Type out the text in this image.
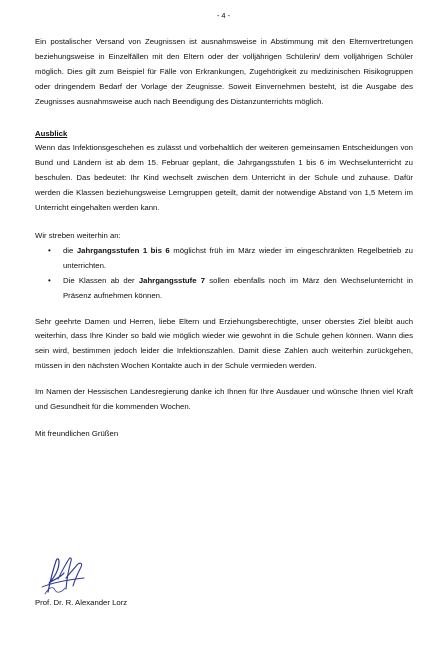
- 4 -

Ein postalischer Versand von Zeugnissen ist ausnahmsweise in Abstimmung mit den Elternvertretungen beziehungsweise in Einzelfällen mit den Eltern oder der volljährigen Schülerin/ dem volljährigen Schüler möglich. Dies gilt zum Beispiel für Fälle von Erkrankungen, Zugehörigkeit zu medizinischen Risikogruppen oder dringendem Bedarf der Vorlage der Zeugnisse. Soweit Einvernehmen besteht, ist die Ausgabe des Zeugnisses ausnahmsweise auch nach Beendigung des Distanzunterrichts möglich.

Ausblick

Wenn das Infektionsgeschehen es zulässt und vorbehaltlich der weiteren gemeinsamen Entscheidungen von Bund und Ländern ist ab dem 15. Februar geplant, die Jahrgangsstufen 1 bis 6 im Wechselunterricht zu beschulen. Das bedeutet: Ihr Kind wechselt zwischen dem Unterricht in der Schule und zuhause. Dafür werden die Klassen beziehungsweise Lerngruppen geteilt, damit der notwendige Abstand von 1,5 Metern im Unterricht eingehalten werden kann.

Wir streben weiterhin an:

• die Jahrgangsstufen 1 bis 6 möglichst früh im März wieder im eingeschränkten Regelbetrieb zu unterrichten.
• Die Klassen ab der Jahrgangsstufe 7 sollen ebenfalls noch im März den Wechselunterricht in Präsenz aufnehmen können.

Sehr geehrte Damen und Herren, liebe Eltern und Erziehungsberechtigte, unser oberstes Ziel bleibt auch weiterhin, dass Ihre Kinder so bald wie möglich wieder wie gewohnt in die Schule gehen können. Wann dies sein wird, bestimmen jedoch leider die Infektionszahlen. Damit diese Zahlen auch weiterhin zurückgehen, müssen in den nächsten Wochen Kontakte auch in der Schule vermieden werden.

Im Namen der Hessischen Landesregierung danke ich Ihnen für Ihre Ausdauer und wünsche Ihnen viel Kraft und Gesundheit für die kommenden Wochen.

Mit freundlichen Grüßen

Prof. Dr. R. Alexander Lorz
